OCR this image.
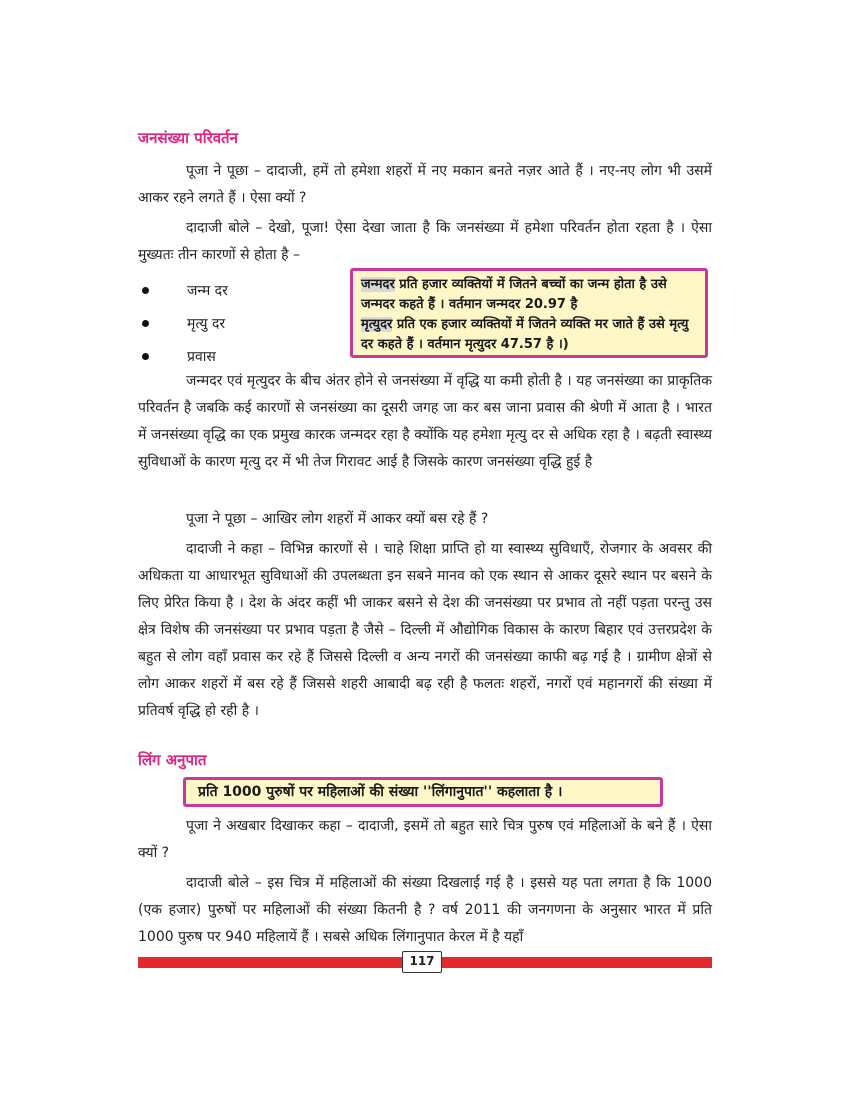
जनसंख्या परिवर्तन

पूजा ने पूछा – दादाजी, हमें तो हमेशा शहरों में नए मकान बनते नज़र आते हैं । नए-नए लोग भी उसमें आकर रहने लगते हैं । ऐसा क्यों ?

दादाजी बोले – देखो, पूजा! ऐसा देखा जाता है कि जनसंख्या में हमेशा परिवर्तन होता रहता है । ऐसा मुख्यतः तीन कारणों से होता है –

जन्म दर
मृत्यु दर
प्रवास

जन्मदर प्रति हजार व्यक्तियों में जितने बच्चों का जन्म होता है उसे जन्मदर कहते हैं । वर्तमान जन्मदर 20.97 है

मृत्युदर प्रति एक हजार व्यक्तियों में जितने व्यक्ति मर जाते हैं उसे मृत्यु दर कहते हैं । वर्तमान मृत्युदर 47.57 है ।)

जन्मदर एवं मृत्युदर के बीच अंतर होने से जनसंख्या में वृद्धि या कमी होती है । यह जनसंख्या का प्राकृतिक परिवर्तन है जबकि कई कारणों से जनसंख्या का दूसरी जगह जा कर बस जाना प्रवास की श्रेणी में आता है । भारत में जनसंख्या वृद्धि का एक प्रमुख कारक जन्मदर रहा है क्योंकि यह हमेशा मृत्यु दर से अधिक रहा है । बढ़ती स्वास्थ्य सुविधाओं के कारण मृत्यु दर में भी तेज गिरावट आई है जिसके कारण जनसंख्या वृद्धि हुई है

पूजा ने पूछा – आखिर लोग शहरों में आकर क्यों बस रहे हैं ?

दादाजी ने कहा – विभिन्न कारणों से । चाहे शिक्षा प्राप्ति हो या स्वास्थ्य सुविधाएँ, रोजगार के अवसर की अधिकता या आधारभूत सुविधाओं की उपलब्धता इन सबने मानव को एक स्थान से आकर दूसरे स्थान पर बसने के लिए प्रेरित किया है । देश के अंदर कहीं भी जाकर बसने से देश की जनसंख्या पर प्रभाव तो नहीं पड़ता परन्तु उस क्षेत्र विशेष की जनसंख्या पर प्रभाव पड़ता है जैसे – दिल्ली में औद्योगिक विकास के कारण बिहार एवं उत्तरप्रदेश के बहुत से लोग वहाँ प्रवास कर रहे हैं जिससे दिल्ली व अन्य नगरों की जनसंख्या काफी बढ़ गई है । ग्रामीण क्षेत्रों से लोग आकर शहरों में बस रहे हैं जिससे शहरी आबादी बढ़ रही है फलतः शहरों, नगरों एवं महानगरों की संख्या में प्रतिवर्ष वृद्धि हो रही है ।

लिंग अनुपात
प्रति 1000 पुरुषों पर महिलाओं की संख्या ''लिंगानुपात'' कहलाता है ।

पूजा ने अखबार दिखाकर कहा – दादाजी, इसमें तो बहुत सारे चित्र पुरुष एवं महिलाओं के बने हैं । ऐसा क्यों ?

दादाजी बोले – इस चित्र में महिलाओं की संख्या दिखलाई गई है । इससे यह पता लगता है कि 1000 (एक हजार) पुरुषों पर महिलाओं की संख्या कितनी है ? वर्ष 2011 की जनगणना के अनुसार भारत में प्रति 1000 पुरुष पर 940 महिलायें हैं । सबसे अधिक लिंगानुपात केरल में है यहाँ

117
